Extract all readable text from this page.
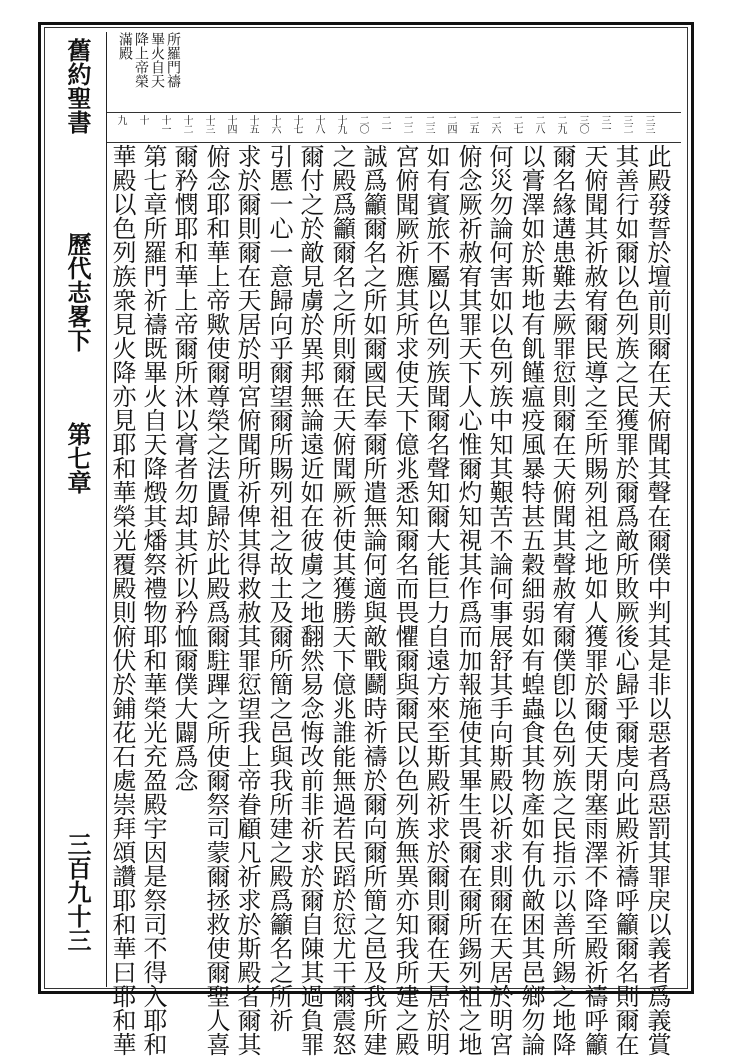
舊約聖書
歷代志畧下
第七章
三百九十三
滿殿 降上帝榮 畢火自天 所羅門禱
九 十 十一 十二 十三 十四 十五 十六 十七 十八 十九 二〇 二一 二二 二三 二四 二五 二六 二七 二八 二九 三〇 三一 三二 三三
華殿以色列族衆見火降亦見耶和華榮光覆殿則俯伏於鋪花石處崇拜頌讚耶和華曰耶和華 第七章所羅門祈禱既畢火自天降燬其燔祭禮物耶和華榮光充盈殿宇因是祭司不得入耶和 爾矜憫耶和華上帝爾所沐以膏者勿却其祈以矜恤爾僕大闢爲念 俯念耶和華上帝歟使爾尊榮之法匱歸於此殿爲爾駐蹕之所使爾祭司蒙爾拯救使爾聖人喜 求於爾則爾在天居於明宮俯聞所祈俾其得救赦其罪愆望我上帝眷顧凡祈求於斯殿者爾其 引慝一心一意歸向乎爾望爾所賜列祖之故土及爾所簡之邑與我所建之殿爲籲名之所祈 爾付之於敵見虜於異邦無論遠近如在彼虜之地翻然易念悔改前非祈求於爾自陳其過負罪 之殿爲籲爾名之所則爾在天俯聞厥祈使其獲勝天下億兆誰能無過若民蹈於愆尤干爾震怒 誠爲籲爾名之所如爾國民奉爾所遣無論何適與敵戰鬬時祈禱於爾向爾所簡之邑及我所建 宮俯聞厥祈應其所求使天下億兆悉知爾名而畏懼爾與爾民以色列族無異亦知我所建之殿 如有賓旅不屬以色列族聞爾名聲知爾大能巨力自遠方來至斯殿祈求於爾則爾在天居於明 俯念厥祈赦宥其罪天下人心惟爾灼知視其作爲而加報施使其畢生畏爾在爾所錫列祖之地 何災勿論何害如以色列族中知其艱苦不論何事展舒其手向斯殿以祈求則爾在天居於明宮 以膏澤如於斯地有飢饉瘟疫風暴特甚五穀細弱如有蝗蟲食其物產如有仇敵困其邑鄉勿論 爾名緣遘患難去厥罪愆則爾在天俯聞其聲赦宥爾僕卽以色列族之民指示以善所錫之地降 天俯聞其祈赦宥爾民導之至所賜列祖之地如人獲罪於爾使天閉塞雨澤不降至殿祈禱呼籲 其善行如爾以色列族之民獲罪於爾爲敵所敗厥後心歸乎爾虔向此殿祈禱呼籲爾名則爾在 此殿發誓於壇前則爾在天俯聞其聲在爾僕中判其是非以惡者爲惡罰其罪戾以義者爲義賞
